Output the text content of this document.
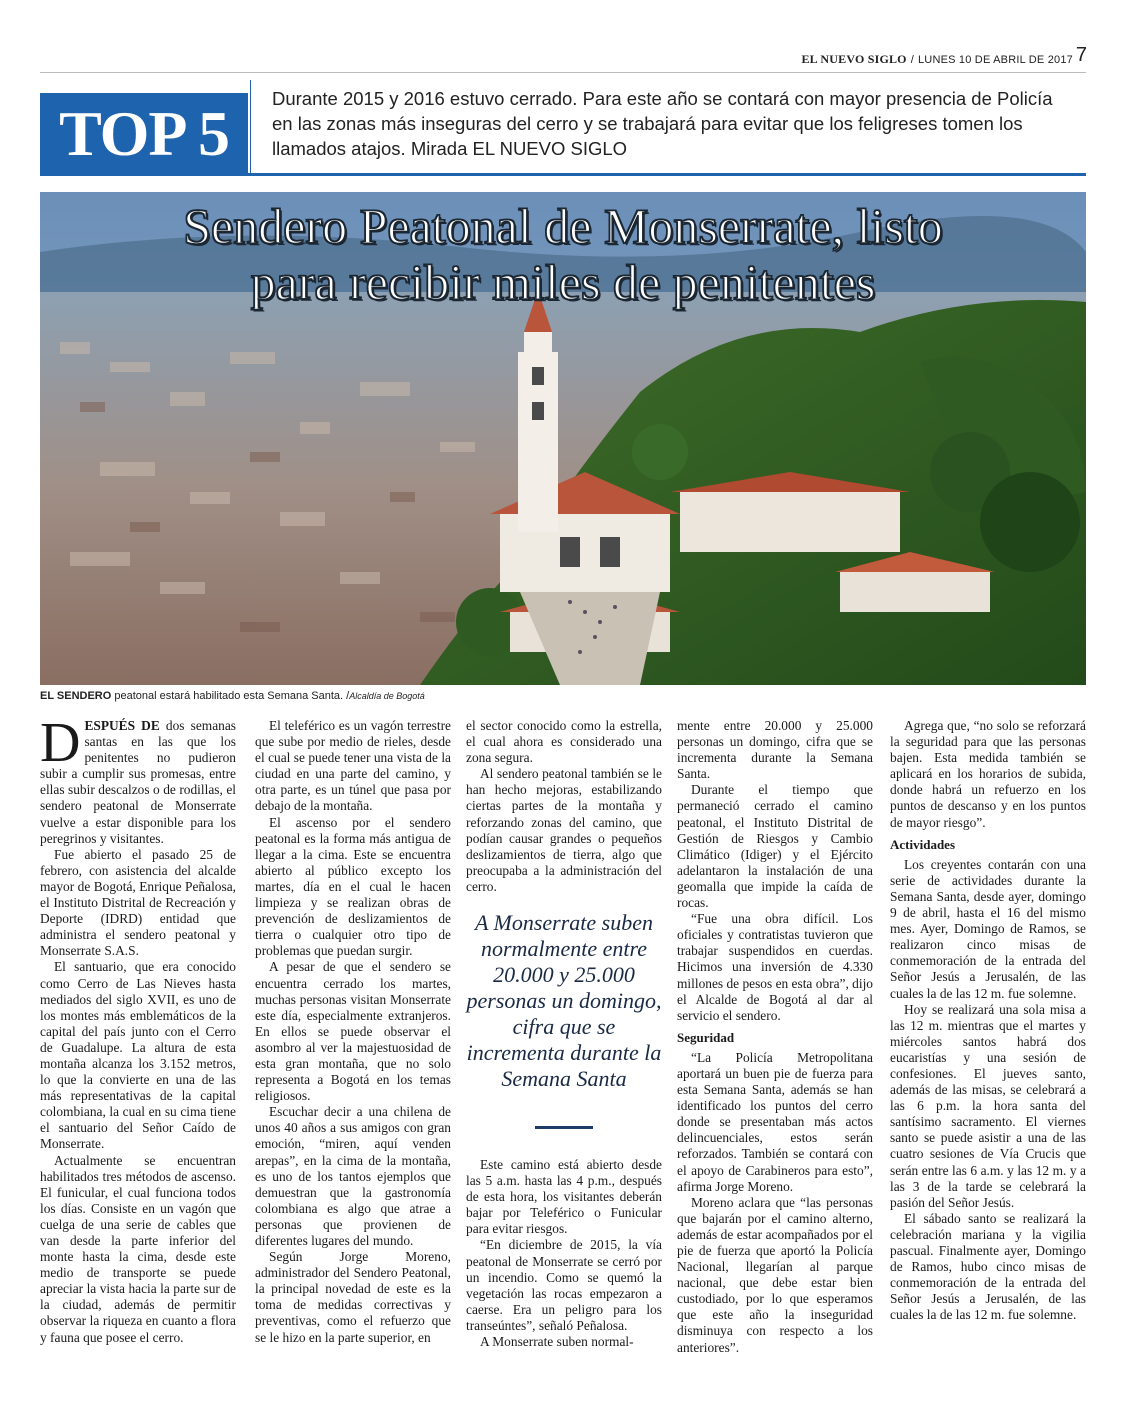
EL NUEVO SIGLO / LUNES 10 DE ABRIL DE 2017 7
TOP 5	Durante 2015 y 2016 estuvo cerrado. Para este año se contará con mayor presencia de Policía en las zonas más inseguras del cerro y se trabajará para evitar que los feligreses tomen los llamados atajos. Mirada EL NUEVO SIGLO
Sendero Peatonal de Monserrate, listo
para recibir miles de penitentes
EL SENDERO peatonal estará habilitado esta Semana Santa. /Alcaldía de Bogotá

DESPUÉS DE dos semanas santas en las que los penitentes no pudieron subir a cumplir sus promesas, entre ellas subir descalzos o de rodillas, el sendero peatonal de Monserrate vuelve a estar disponible para los peregrinos y visitantes.

Fue abierto el pasado 25 de febrero, con asistencia del alcalde mayor de Bogotá, Enrique Peñalosa, el Instituto Distrital de Recreación y Deporte (IDRD) entidad que administra el sendero peatonal y Monserrate S.A.S.

El santuario, que era conocido como Cerro de Las Nieves hasta mediados del siglo XVII, es uno de los montes más emblemáticos de la capital del país junto con el Cerro de Guadalupe. La altura de esta montaña alcanza los 3.152 metros, lo que la convierte en una de las más representativas de la capital colombiana, la cual en su cima tiene el santuario del Señor Caído de Monserrate.

Actualmente se encuentran habilitados tres métodos de ascenso. El funicular, el cual funciona todos los días. Consiste en un vagón que cuelga de una serie de cables que van desde la parte inferior del monte hasta la cima, desde este medio de transporte se puede apreciar la vista hacia la parte sur de la ciudad, además de permitir observar la riqueza en cuanto a flora y fauna que posee el cerro.

El teleférico es un vagón terrestre que sube por medio de rieles, desde el cual se puede tener una vista de la ciudad en una parte del camino, y otra parte, es un túnel que pasa por debajo de la montaña.

El ascenso por el sendero peatonal es la forma más antigua de llegar a la cima. Este se encuentra abierto al público excepto los martes, día en el cual le hacen limpieza y se realizan obras de prevención de deslizamientos de tierra o cualquier otro tipo de problemas que puedan surgir.

A pesar de que el sendero se encuentra cerrado los martes, muchas personas visitan Monserrate este día, especialmente extranjeros. En ellos se puede observar el asombro al ver la majestuosidad de esta gran montaña, que no solo representa a Bogotá en los temas religiosos.

Escuchar decir a una chilena de unos 40 años a sus amigos con gran emoción, “miren, aquí venden arepas”, en la cima de la montaña, es uno de los tantos ejemplos que demuestran que la gastronomía colombiana es algo que atrae a personas que provienen de diferentes lugares del mundo.

Según Jorge Moreno, administrador del Sendero Peatonal, la principal novedad de este es la toma de medidas correctivas y preventivas, como el refuerzo que se le hizo en la parte superior, en

el sector conocido como la estrella, el cual ahora es considerado una zona segura.

Al sendero peatonal también se le han hecho mejoras, estabilizando ciertas partes de la montaña y reforzando zonas del camino, que podían causar grandes o pequeños deslizamientos de tierra, algo que preocupaba a la administración del cerro.

A Monserrate suben normalmente entre 20.000 y 25.000 personas un domingo, cifra que se incrementa durante la Semana Santa

Este camino está abierto desde las 5 a.m. hasta las 4 p.m., después de esta hora, los visitantes deberán bajar por Teleférico o Funicular para evitar riesgos.

“En diciembre de 2015, la vía peatonal de Monserrate se cerró por un incendio. Como se quemó la vegetación las rocas empezaron a caerse. Era un peligro para los transeúntes”, señaló Peñalosa.

A Monserrate suben normal-

mente entre 20.000 y 25.000 personas un domingo, cifra que se incrementa durante la Semana Santa.

Durante el tiempo que permaneció cerrado el camino peatonal, el Instituto Distrital de Gestión de Riesgos y Cambio Climático (Idiger) y el Ejército adelantaron la instalación de una geomalla que impide la caída de rocas.

“Fue una obra difícil. Los oficiales y contratistas tuvieron que trabajar suspendidos en cuerdas. Hicimos una inversión de 4.330 millones de pesos en esta obra”, dijo el Alcalde de Bogotá al dar al servicio el sendero.

Seguridad

“La Policía Metropolitana aportará un buen pie de fuerza para esta Semana Santa, además se han identificado los puntos del cerro donde se presentaban más actos delincuenciales, estos serán reforzados. También se contará con el apoyo de Carabineros para esto”, afirma Jorge Moreno.

Moreno aclara que “las personas que bajarán por el camino alterno, además de estar acompañados por el pie de fuerza que aportó la Policía Nacional, llegarían al parque nacional, que debe estar bien custodiado, por lo que esperamos que este año la inseguridad disminuya con respecto a los anteriores”.

Agrega que, “no solo se reforzará la seguridad para que las personas bajen. Esta medida también se aplicará en los horarios de subida, donde habrá un refuerzo en los puntos de descanso y en los puntos de mayor riesgo”.

Actividades

Los creyentes contarán con una serie de actividades durante la Semana Santa, desde ayer, domingo 9 de abril, hasta el 16 del mismo mes. Ayer, Domingo de Ramos, se realizaron cinco misas de conmemoración de la entrada del Señor Jesús a Jerusalén, de las cuales la de las 12 m. fue solemne.

Hoy se realizará una sola misa a las 12 m. mientras que el martes y miércoles santos habrá dos eucaristías y una sesión de confesiones. El jueves santo, además de las misas, se celebrará a las 6 p.m. la hora santa del santísimo sacramento. El viernes santo se puede asistir a una de las cuatro sesiones de Vía Crucis que serán entre las 6 a.m. y las 12 m. y a las 3 de la tarde se celebrará la pasión del Señor Jesús.

El sábado santo se realizará la celebración mariana y la vigilia pascual. Finalmente ayer, Domingo de Ramos, hubo cinco misas de conmemoración de la entrada del Señor Jesús a Jerusalén, de las cuales la de las 12 m. fue solemne.
